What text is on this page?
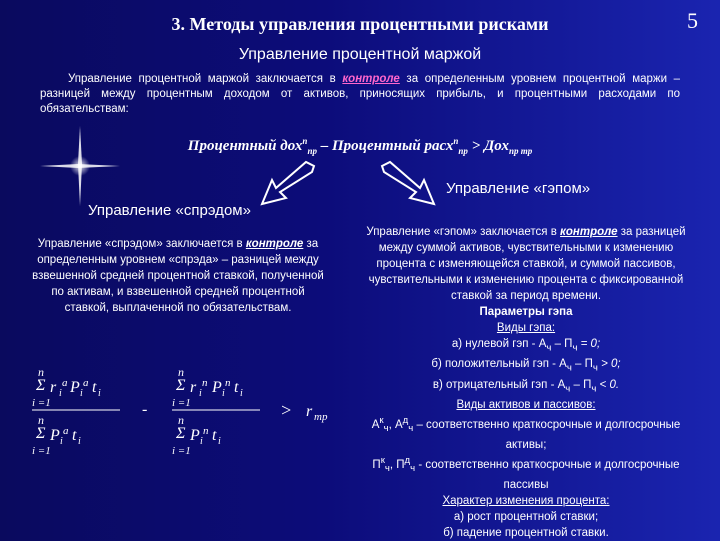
3. Методы управления процентными рисками	5
Управление процентной маржой
Управление процентной маржой заключается в контроле за определенным уровнем процентной маржи – разницей между процентным доходом от активов, приносящих прибыль, и процентными расходами по обязательствам:
Процентный дох$^п_{пр}$ – Процентный расх$^п_{пр}$ > Дох$_{пр тр}$
Управление «спрэдом»
Управление «гэпом»
Управление «спрэдом» заключается в контроле за определенным уровнем «спрэда» – разницей между взвешенной средней процентной ставкой, полученной по активам, и взвешенной средней процентной ставкой, выплаченной по обязательствам.
n
Σ r i
a P i
a t i
i =1
n
Σ P i
a t i
i =1
-
n
Σ r i
n P i
n t i
i =1
n
Σ P i
n t i
i =1
> r тр
Управление «гэпом» заключается в контроле за разницей между суммой активов, чувствительными к изменению процента с изменяющейся ставкой, и суммой пассивов, чувствительными к изменению процента с фиксированной ставкой за период времени.
Параметры гэпа
Виды гэпа:
а) нулевой гэп - $А_ч - П_ч = 0$;
б) положительный гэп - $А_ч - П_ч > 0$;
в) отрицательный гэп - $А_ч - П_ч < 0$.
Виды активов и пассивов:
$А^к_ч$, $А^д_ч$ – соответственно краткосрочные и долгосрочные активы;
$П^к_ч$, $П^д_ч$ - соответственно краткосрочные и долгосрочные пассивы
Характер изменения процента:
а) рост процентной ставки;
б) падение процентной ставки.
